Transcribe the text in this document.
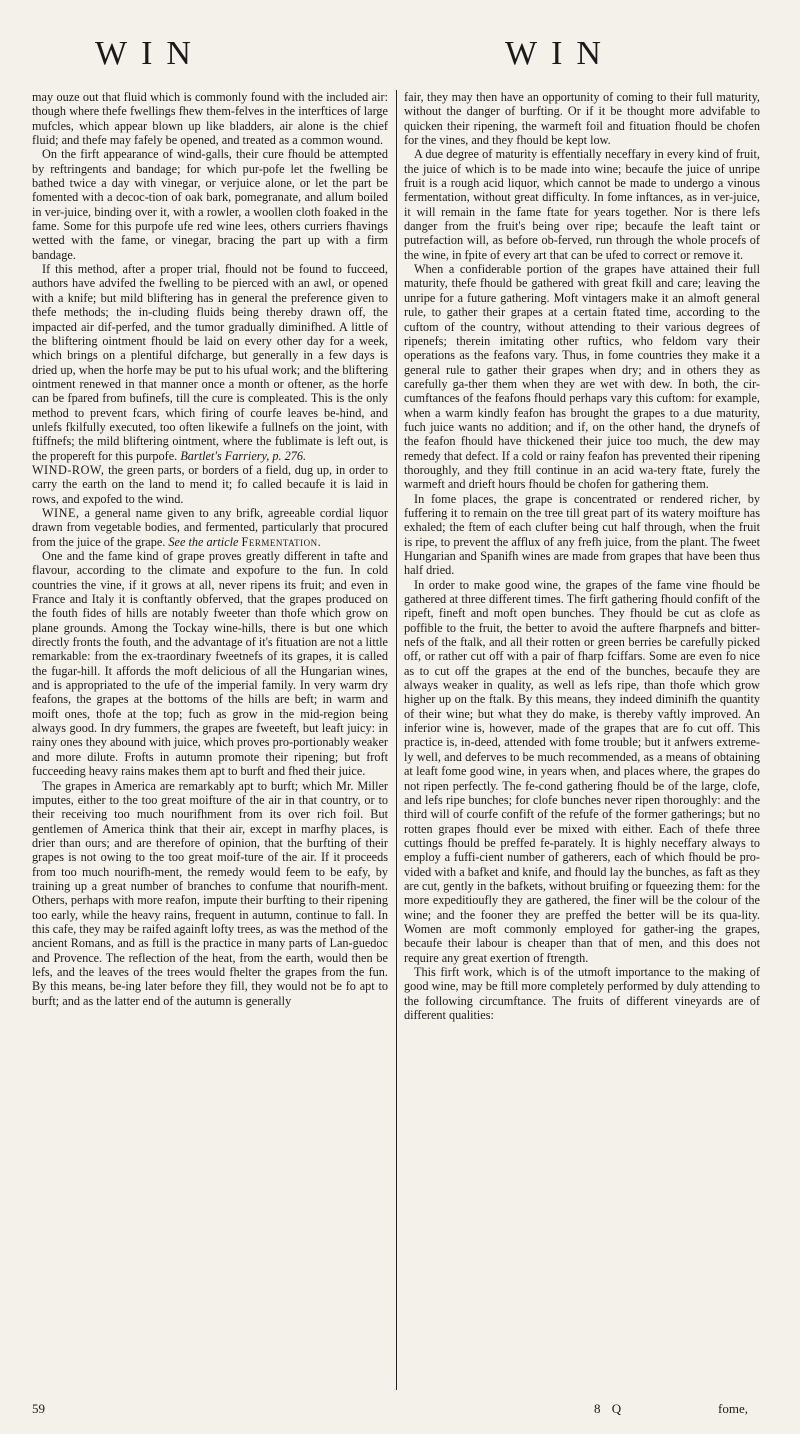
WIN	WIN

may ouze out that fluid which is commonly found with the included air: though where thefe fwellings fhew them-felves in the interftices of large mufcles, which appear blown up like bladders, air alone is the chief fluid; and thefe may fafely be opened, and treated as a common wound.

On the firft appearance of wind-galls, their cure fhould be attempted by reftringents and bandage; for which pur-pofe let the fwelling be bathed twice a day with vinegar, or verjuice alone, or let the part be fomented with a decoc-tion of oak bark, pomegranate, and allum boiled in ver-juice, binding over it, with a rowler, a woollen cloth foaked in the fame. Some for this purpofe ufe red wine lees, others curriers fhavings wetted with the fame, or vinegar, bracing the part up with a firm bandage.

If this method, after a proper trial, fhould not be found to fucceed, authors have advifed the fwelling to be pierced with an awl, or opened with a knife; but mild bliftering has in general the preference given to thefe methods; the in-cluding fluids being thereby drawn off, the impacted air dif-perfed, and the tumor gradually diminifhed. A little of the bliftering ointment fhould be laid on every other day for a week, which brings on a plentiful difcharge, but generally in a few days is dried up, when the horfe may be put to his ufual work; and the bliftering ointment renewed in that manner once a month or oftener, as the horfe can be fpared from bufinefs, till the cure is compleated. This is the only method to prevent fcars, which firing of courfe leaves be-hind, and unlefs fkilfully executed, too often likewife a fullnefs on the joint, with ftiffnefs; the mild bliftering ointment, where the fublimate is left out, is the propereft for this purpofe. Bartlet's Farriery, p. 276.

WIND-ROW, the green parts, or borders of a field, dug up, in order to carry the earth on the land to mend it; fo called becaufe it is laid in rows, and expofed to the wind.

WINE, a general name given to any brifk, agreeable cordial liquor drawn from vegetable bodies, and fermented, particularly that procured from the juice of the grape. See the article Fermentation.

One and the fame kind of grape proves greatly different in tafte and flavour, according to the climate and expofure to the fun. In cold countries the vine, if it grows at all, never ripens its fruit; and even in France and Italy it is conftantly obferved, that the grapes produced on the fouth fides of hills are notably fweeter than thofe which grow on plane grounds. Among the Tockay wine-hills, there is but one which directly fronts the fouth, and the advantage of it's fituation are not a little remarkable: from the ex-traordinary fweetnefs of its grapes, it is called the fugar-hill. It affords the moft delicious of all the Hungarian wines, and is appropriated to the ufe of the imperial family. In very warm dry feafons, the grapes at the bottoms of the hills are beft; in warm and moift ones, thofe at the top; fuch as grow in the mid-region being always good. In dry fummers, the grapes are fweeteft, but leaft juicy: in rainy ones they abound with juice, which proves pro-portionably weaker and more dilute. Frofts in autumn promote their ripening; but froft fucceeding heavy rains makes them apt to burft and fhed their juice.

The grapes in America are remarkably apt to burft; which Mr. Miller imputes, either to the too great moifture of the air in that country, or to their receiving too much nourifhment from its over rich foil. But gentlemen of America think that their air, except in marfhy places, is drier than ours; and are therefore of opinion, that the burfting of their grapes is not owing to the too great moif-ture of the air. If it proceeds from too much nourifh-ment, the remedy would feem to be eafy, by training up a great number of branches to confume that nourifh-ment. Others, perhaps with more reafon, impute their burfting to their ripening too early, while the heavy rains, frequent in autumn, continue to fall. In this cafe, they may be raifed againft lofty trees, as was the method of the ancient Romans, and as ftill is the practice in many parts of Lan-guedoc and Provence. The reflection of the heat, from the earth, would then be lefs, and the leaves of the trees would fhelter the grapes from the fun. By this means, be-ing later before they fill, they would not be fo apt to burft; and as the latter end of the autumn is generally

fair, they may then have an opportunity of coming to their full maturity, without the danger of burfting. Or if it be thought more advifable to quicken their ripening, the warmeft foil and fituation fhould be chofen for the vines, and they fhould be kept low.

A due degree of maturity is effentially neceffary in every kind of fruit, the juice of which is to be made into wine; becaufe the juice of unripe fruit is a rough acid liquor, which cannot be made to undergo a vinous fermentation, without great difficulty. In fome inftances, as in ver-juice, it will remain in the fame ftate for years together. Nor is there lefs danger from the fruit's being over ripe; becaufe the leaft taint or putrefaction will, as before ob-ferved, run through the whole procefs of the wine, in fpite of every art that can be ufed to correct or remove it.

When a confiderable portion of the grapes have attained their full maturity, thefe fhould be gathered with great fkill and care; leaving the unripe for a future gathering. Moft vintagers make it an almoft general rule, to gather their grapes at a certain ftated time, according to the cuftom of the country, without attending to their various degrees of ripenefs; therein imitating other ruftics, who feldom vary their operations as the feafons vary. Thus, in fome countries they make it a general rule to gather their grapes when dry; and in others they as carefully ga-ther them when they are wet with dew. In both, the cir-cumftances of the feafons fhould perhaps vary this cuftom: for example, when a warm kindly feafon has brought the grapes to a due maturity, fuch juice wants no addition; and if, on the other hand, the drynefs of the feafon fhould have thickened their juice too much, the dew may remedy that defect. If a cold or rainy feafon has prevented their ripening thoroughly, and they ftill continue in an acid wa-tery ftate, furely the warmeft and drieft hours fhould be chofen for gathering them.

In fome places, the grape is concentrated or rendered richer, by fuffering it to remain on the tree till great part of its watery moifture has exhaled; the ftem of each clufter being cut half through, when the fruit is ripe, to prevent the afflux of any frefh juice, from the plant. The fweet Hungarian and Spanifh wines are made from grapes that have been thus half dried.

In order to make good wine, the grapes of the fame vine fhould be gathered at three different times. The firft gathering fhould confift of the ripeft, fineft and moft open bunches. They fhould be cut as clofe as poffible to the fruit, the better to avoid the auftere fharpnefs and bitter-nefs of the ftalk, and all their rotten or green berries be carefully picked off, or rather cut off with a pair of fharp fciffars. Some are even fo nice as to cut off the grapes at the end of the bunches, becaufe they are always weaker in quality, as well as lefs ripe, than thofe which grow higher up on the ftalk. By this means, they indeed diminifh the quantity of their wine; but what they do make, is thereby vaftly improved. An inferior wine is, however, made of the grapes that are fo cut off. This practice is, in-deed, attended with fome trouble; but it anfwers extreme-ly well, and deferves to be much recommended, as a means of obtaining at leaft fome good wine, in years when, and places where, the grapes do not ripen perfectly. The fe-cond gathering fhould be of the large, clofe, and lefs ripe bunches; for clofe bunches never ripen thoroughly: and the third will of courfe confift of the refufe of the former gatherings; but no rotten grapes fhould ever be mixed with either. Each of thefe three cuttings fhould be preffed fe-parately. It is highly neceffary always to employ a fuffi-cient number of gatherers, each of which fhould be pro-vided with a bafket and knife, and fhould lay the bunches, as faft as they are cut, gently in the bafkets, without bruifing or fqueezing them: for the more expeditioufly they are gathered, the finer will be the colour of the wine; and the fooner they are preffed the better will be its qua-lity. Women are moft commonly employed for gather-ing the grapes, becaufe their labour is cheaper than that of men, and this does not require any great exertion of ftrength.

This firft work, which is of the utmoft importance to the making of good wine, may be ftill more completely performed by duly attending to the following circumftance. The fruits of different vineyards are of different qualities:

59	8 Q	fome,
